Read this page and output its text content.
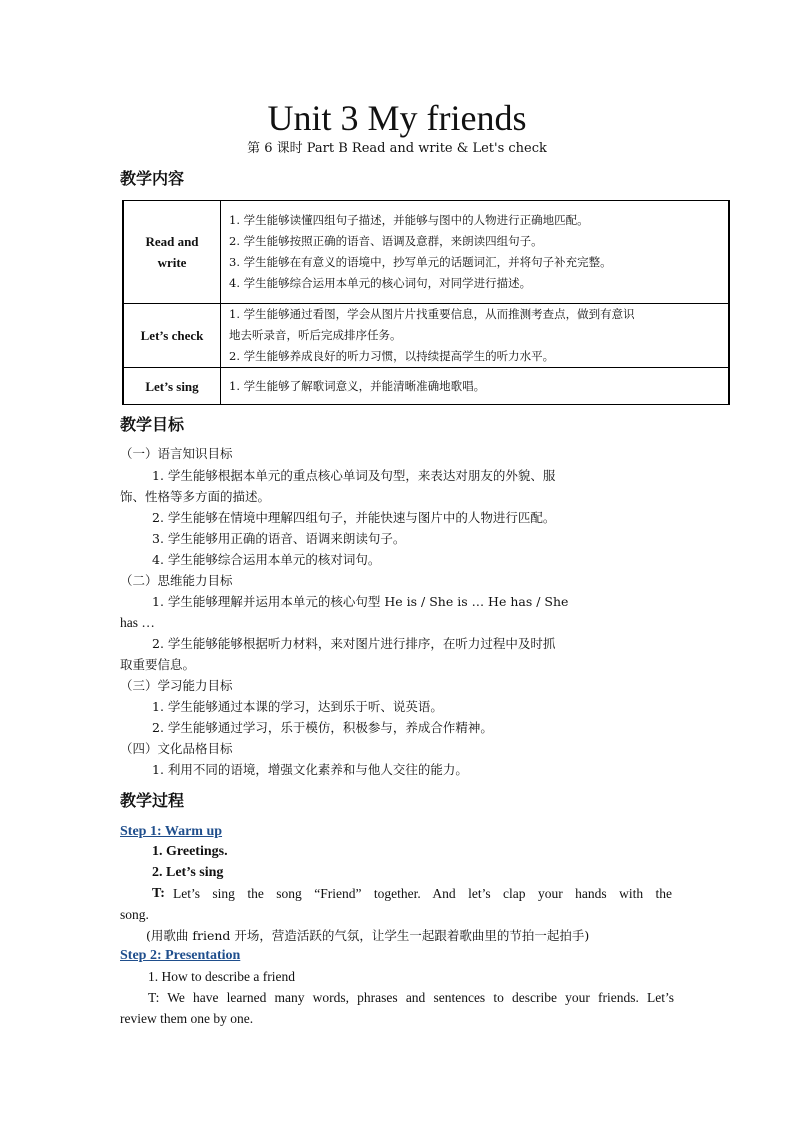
Unit 3 My friends
第 6 课时 Part B Read and write & Let's check
教学内容
Read and write	1. 学生能够读懂四组句子描述，并能够与图中的人物进行正确地匹配。
2. 学生能够按照正确的语音、语调及意群，来朗读四组句子。
3. 学生能够在有意义的语境中，抄写单元的话题词汇，并将句子补充完整。
4. 学生能够综合运用本单元的核心词句，对同学进行描述。

Let’s check	1. 学生能够通过看图，学会从图片片找重要信息，从而推测考查点，做到有意识
地去听录音，听后完成排序任务。
2. 学生能够养成良好的听力习惯，以持续提高学生的听力水平。

Let’s sing	1. 学生能够了解歌词意义，并能清晰准确地歌唱。
教学目标
（一）语言知识目标
1. 学生能够根据本单元的重点核心单词及句型，来表达对朋友的外貌、服
饰、性格等多方面的描述。
2. 学生能够在情境中理解四组句子，并能快速与图片中的人物进行匹配。
3. 学生能够用正确的语音、语调来朗读句子。
4. 学生能够综合运用本单元的核对词句。
（二）思维能力目标
1. 学生能够理解并运用本单元的核心句型 He is / She is … He has / She
has …
2. 学生能够能够根据听力材料，来对图片进行排序，在听力过程中及时抓
取重要信息。
（三）学习能力目标
1. 学生能够通过本课的学习，达到乐于听、说英语。
2. 学生能够通过学习，乐于模仿，积极参与，养成合作精神。
（四）文化品格目标
1. 利用不同的语境，增强文化素养和与他人交往的能力。
教学过程
Step 1: Warm up
1. Greetings.
2. Let’s sing
T: Let’s sing the song “Friend” together. And let’s clap your hands with the
song.
(用歌曲 friend 开场，营造活跃的气氛，让学生一起跟着歌曲里的节拍一起拍手)
Step 2: Presentation
1. How to describe a friend
T: We have learned many words, phrases and sentences to describe your friends. Let’s
review them one by one.
